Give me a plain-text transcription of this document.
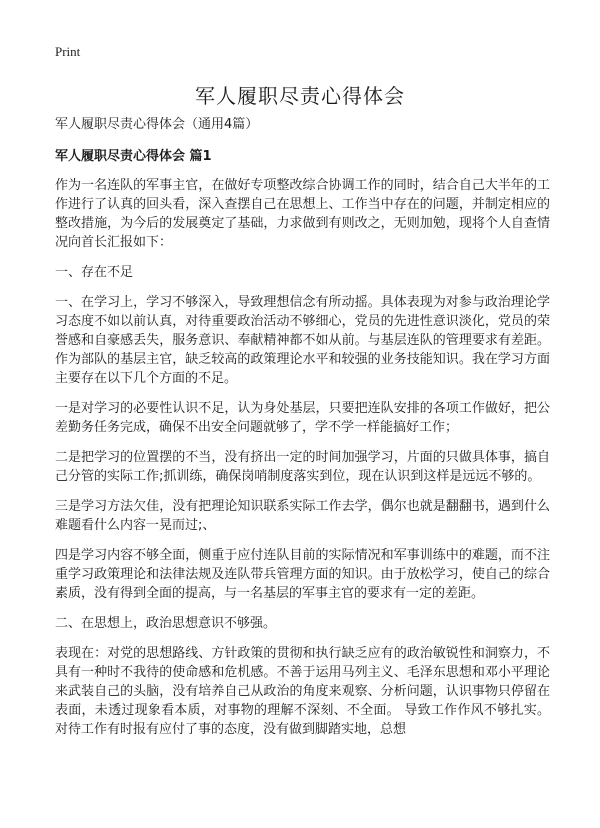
Print
军人履职尽责心得体会

军人履职尽责心得体会（通用4篇）

军人履职尽责心得体会 篇1

作为一名连队的军事主官，在做好专项整改综合协调工作的同时，结合自己大半年的工作进行了认真的回头看，深入查摆自己在思想上、工作当中存在的问题，并制定相应的整改措施，为今后的发展奠定了基础，力求做到有则改之，无则加勉，现将个人自查情况向首长汇报如下：

一、存在不足

一、在学习上，学习不够深入，导致理想信念有所动摇。具体表现为对参与政治理论学习态度不如以前认真，对待重要政治活动不够细心，党员的先进性意识淡化，党员的荣誉感和自豪感丢失，服务意识、奉献精神都不如从前。与基层连队的管理要求有差距。作为部队的基层主官，缺乏较高的政策理论水平和较强的业务技能知识。我在学习方面主要存在以下几个方面的不足。

一是对学习的必要性认识不足，认为身处基层，只要把连队安排的各项工作做好，把公差勤务任务完成，确保不出安全问题就够了，学不学一样能搞好工作；

二是把学习的位置摆的不当，没有挤出一定的时间加强学习，片面的只做具体事，搞自己分管的实际工作;抓训练，确保岗哨制度落实到位，现在认识到这样是远远不够的。

三是学习方法欠佳，没有把理论知识联系实际工作去学，偶尔也就是翻翻书，遇到什么难题看什么内容一晃而过;、

四是学习内容不够全面，侧重于应付连队目前的实际情况和军事训练中的难题，而不注重学习政策理论和法律法规及连队带兵管理方面的知识。由于放松学习，使自己的综合素质，没有得到全面的提高，与一名基层的军事主官的要求有一定的差距。

二、在思想上，政治思想意识不够强。

表现在：对党的思想路线、方针政策的贯彻和执行缺乏应有的政治敏锐性和洞察力，不具有一种时不我待的使命感和危机感。不善于运用马列主义、毛泽东思想和邓小平理论来武装自己的头脑，没有培养自己从政治的角度来观察、分析问题，认识事物只停留在表面，未透过现象看本质，对事物的理解不深刻、不全面。 导致工作作风不够扎实。 对待工作有时报有应付了事的态度，没有做到脚踏实地，总想
